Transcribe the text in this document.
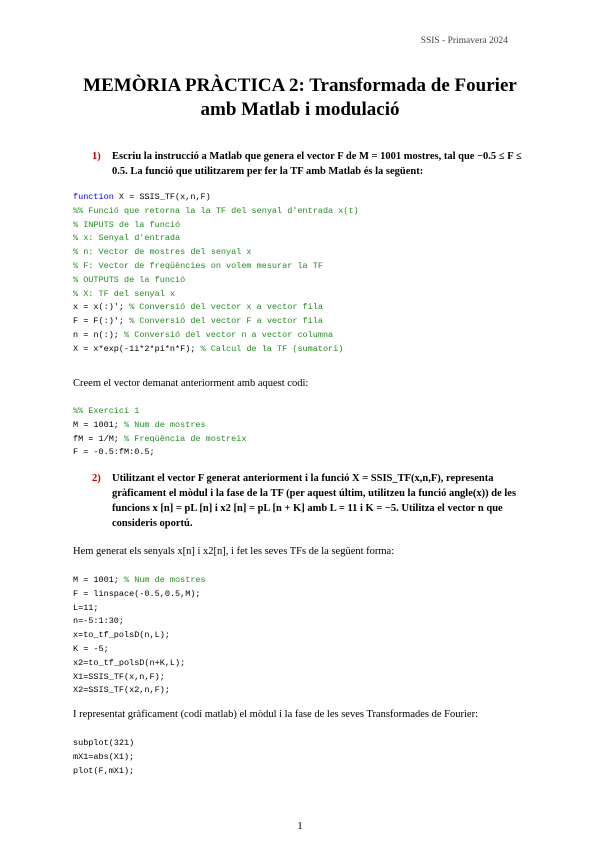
SSIS - Primavera 2024
MEMÒRIA PRÀCTICA 2: Transformada de Fourier
amb Matlab i modulació
1) Escriu la instrucció a Matlab que genera el vector F de M = 1001 mostres, tal que −0.5 ≤ F ≤ 0.5. La funció que utilitzarem per fer la TF amb Matlab és la següent:
function X = SSIS_TF(x,n,F)
%% Funció que retorna la la TF del senyal d'entrada x(t)
% INPUTS de la funció
% x: Senyal d'entrada
% n: Vector de mostres del senyal x
% F: Vector de freqüències on volem mesurar la TF
% OUTPUTS de la funció
% X: TF del senyal x
x = x(:)'; % Conversió del vector x a vector fila
F = F(:)'; % Conversió del vector F a vector fila
n = n(:); % Conversió del vector n a vector columna
X = x*exp(-1i*2*pi*n*F); % Calcul de la TF (sumatori)
Creem el vector demanat anteriorment amb aquest codi:
%% Exercici 1
M = 1001; % Num de mostres
fM = 1/M; % Freqüència de mostreix
F = -0.5:fM:0.5;
2) Utilitzant el vector F generat anteriorment i la funció X = SSIS_TF(x,n,F), representa gràficament el mòdul i la fase de la TF (per aquest últim, utilitzeu la funció angle(x)) de les funcions x [n] = pL [n] i x2 [n] = pL [n + K] amb L = 11 i K = −5. Utilitza el vector n que consideris oportú.
Hem generat els senyals x[n] i x2[n], i fet les seves TFs de la següent forma:
M = 1001; % Num de mostres
F = linspace(-0.5,0.5,M);
L=11;
n=-5:1:30;
x=to_tf_polsD(n,L);
K = -5;
x2=to_tf_polsD(n+K,L);
X1=SSIS_TF(x,n,F);
X2=SSIS_TF(x2,n,F);
I representat gràficament (codi matlab) el mòdul i la fase de les seves Transformades de Fourier:
subplot(321)
mX1=abs(X1);
plot(F,mX1);
1
